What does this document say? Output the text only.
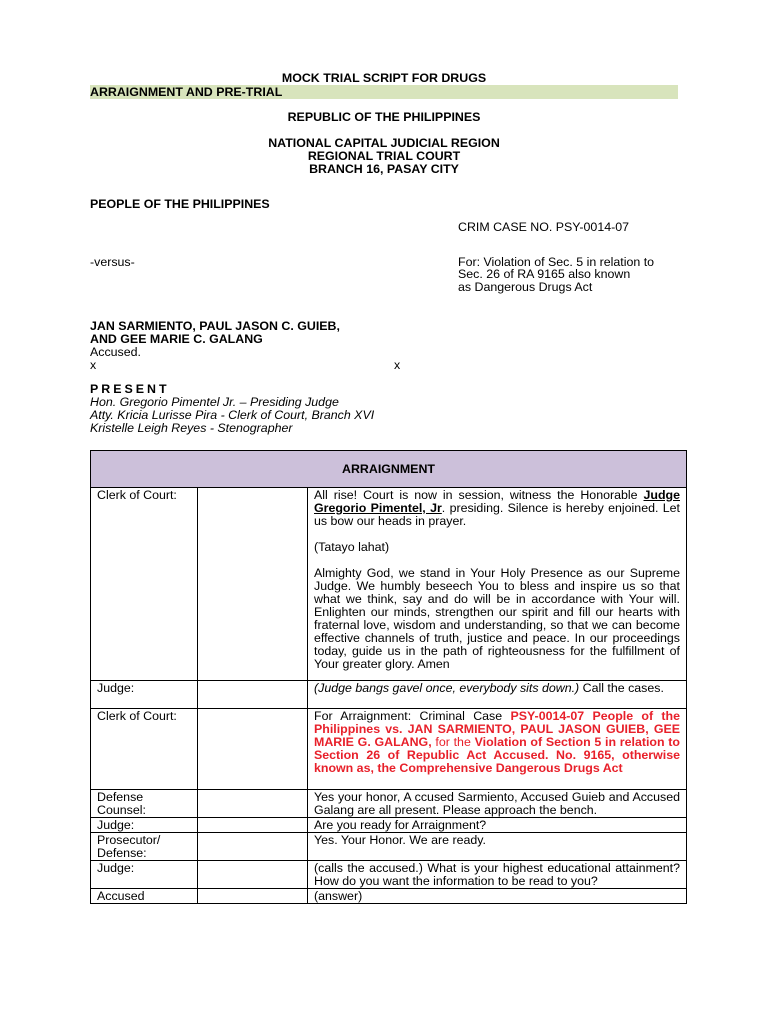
MOCK TRIAL SCRIPT FOR DRUGS
ARRAIGNMENT AND PRE-TRIAL
REPUBLIC OF THE PHILIPPINES
NATIONAL CAPITAL JUDICIAL REGION
REGIONAL TRIAL COURT
BRANCH 16, PASAY CITY
PEOPLE OF THE PHILIPPINES
CRIM CASE NO. PSY-0014-07
-versus-	For: Violation of Sec. 5 in relation to
Sec. 26 of RA 9165 also known
as Dangerous Drugs Act
JAN SARMIENTO, PAUL JASON C. GUIEB,
AND GEE MARIE C. GALANG
Accused.
x	x
PRESENT
Hon. Gregorio Pimentel Jr. – Presiding Judge
Atty. Kricia Lurisse Pira - Clerk of Court, Branch XVI
Kristelle Leigh Reyes - Stenographer
ARRAIGNMENT		
Clerk of Court:		All rise! Court is now in session, witness the Honorable Judge Gregorio Pimentel, Jr. presiding. Silence is hereby enjoined. Let us bow our heads in prayer.

(Tatayo lahat)

Almighty God, we stand in Your Holy Presence as our Supreme Judge. We humbly beseech You to bless and inspire us so that what we think, say and do will be in accordance with Your will. Enlighten our minds, strengthen our spirit and fill our hearts with fraternal love, wisdom and understanding, so that we can become effective channels of truth, justice and peace. In our proceedings today, guide us in the path of righteousness for the fulfillment of Your greater glory. Amen

Judge:		(Judge bangs gavel once, everybody sits down.) Call the cases.
Clerk of Court:		For Arraignment: Criminal Case PSY-0014-07 People of the Philippines vs. JAN SARMIENTO, PAUL JASON GUIEB, GEE MARIE G. GALANG, for the Violation of Section 5 in relation to Section 26 of Republic Act Accused. No. 9165, otherwise known as, the Comprehensive Dangerous Drugs Act
Defense Counsel:		Yes your honor, A ccused Sarmiento, Accused Guieb and Accused Galang are all present. Please approach the bench.
Judge:		Are you ready for Arraignment?
Prosecutor/ Defense:		Yes. Your Honor. We are ready.
Judge:		(calls the accused.) What is your highest educational attainment? How do you want the information to be read to you?
Accused		(answer)
